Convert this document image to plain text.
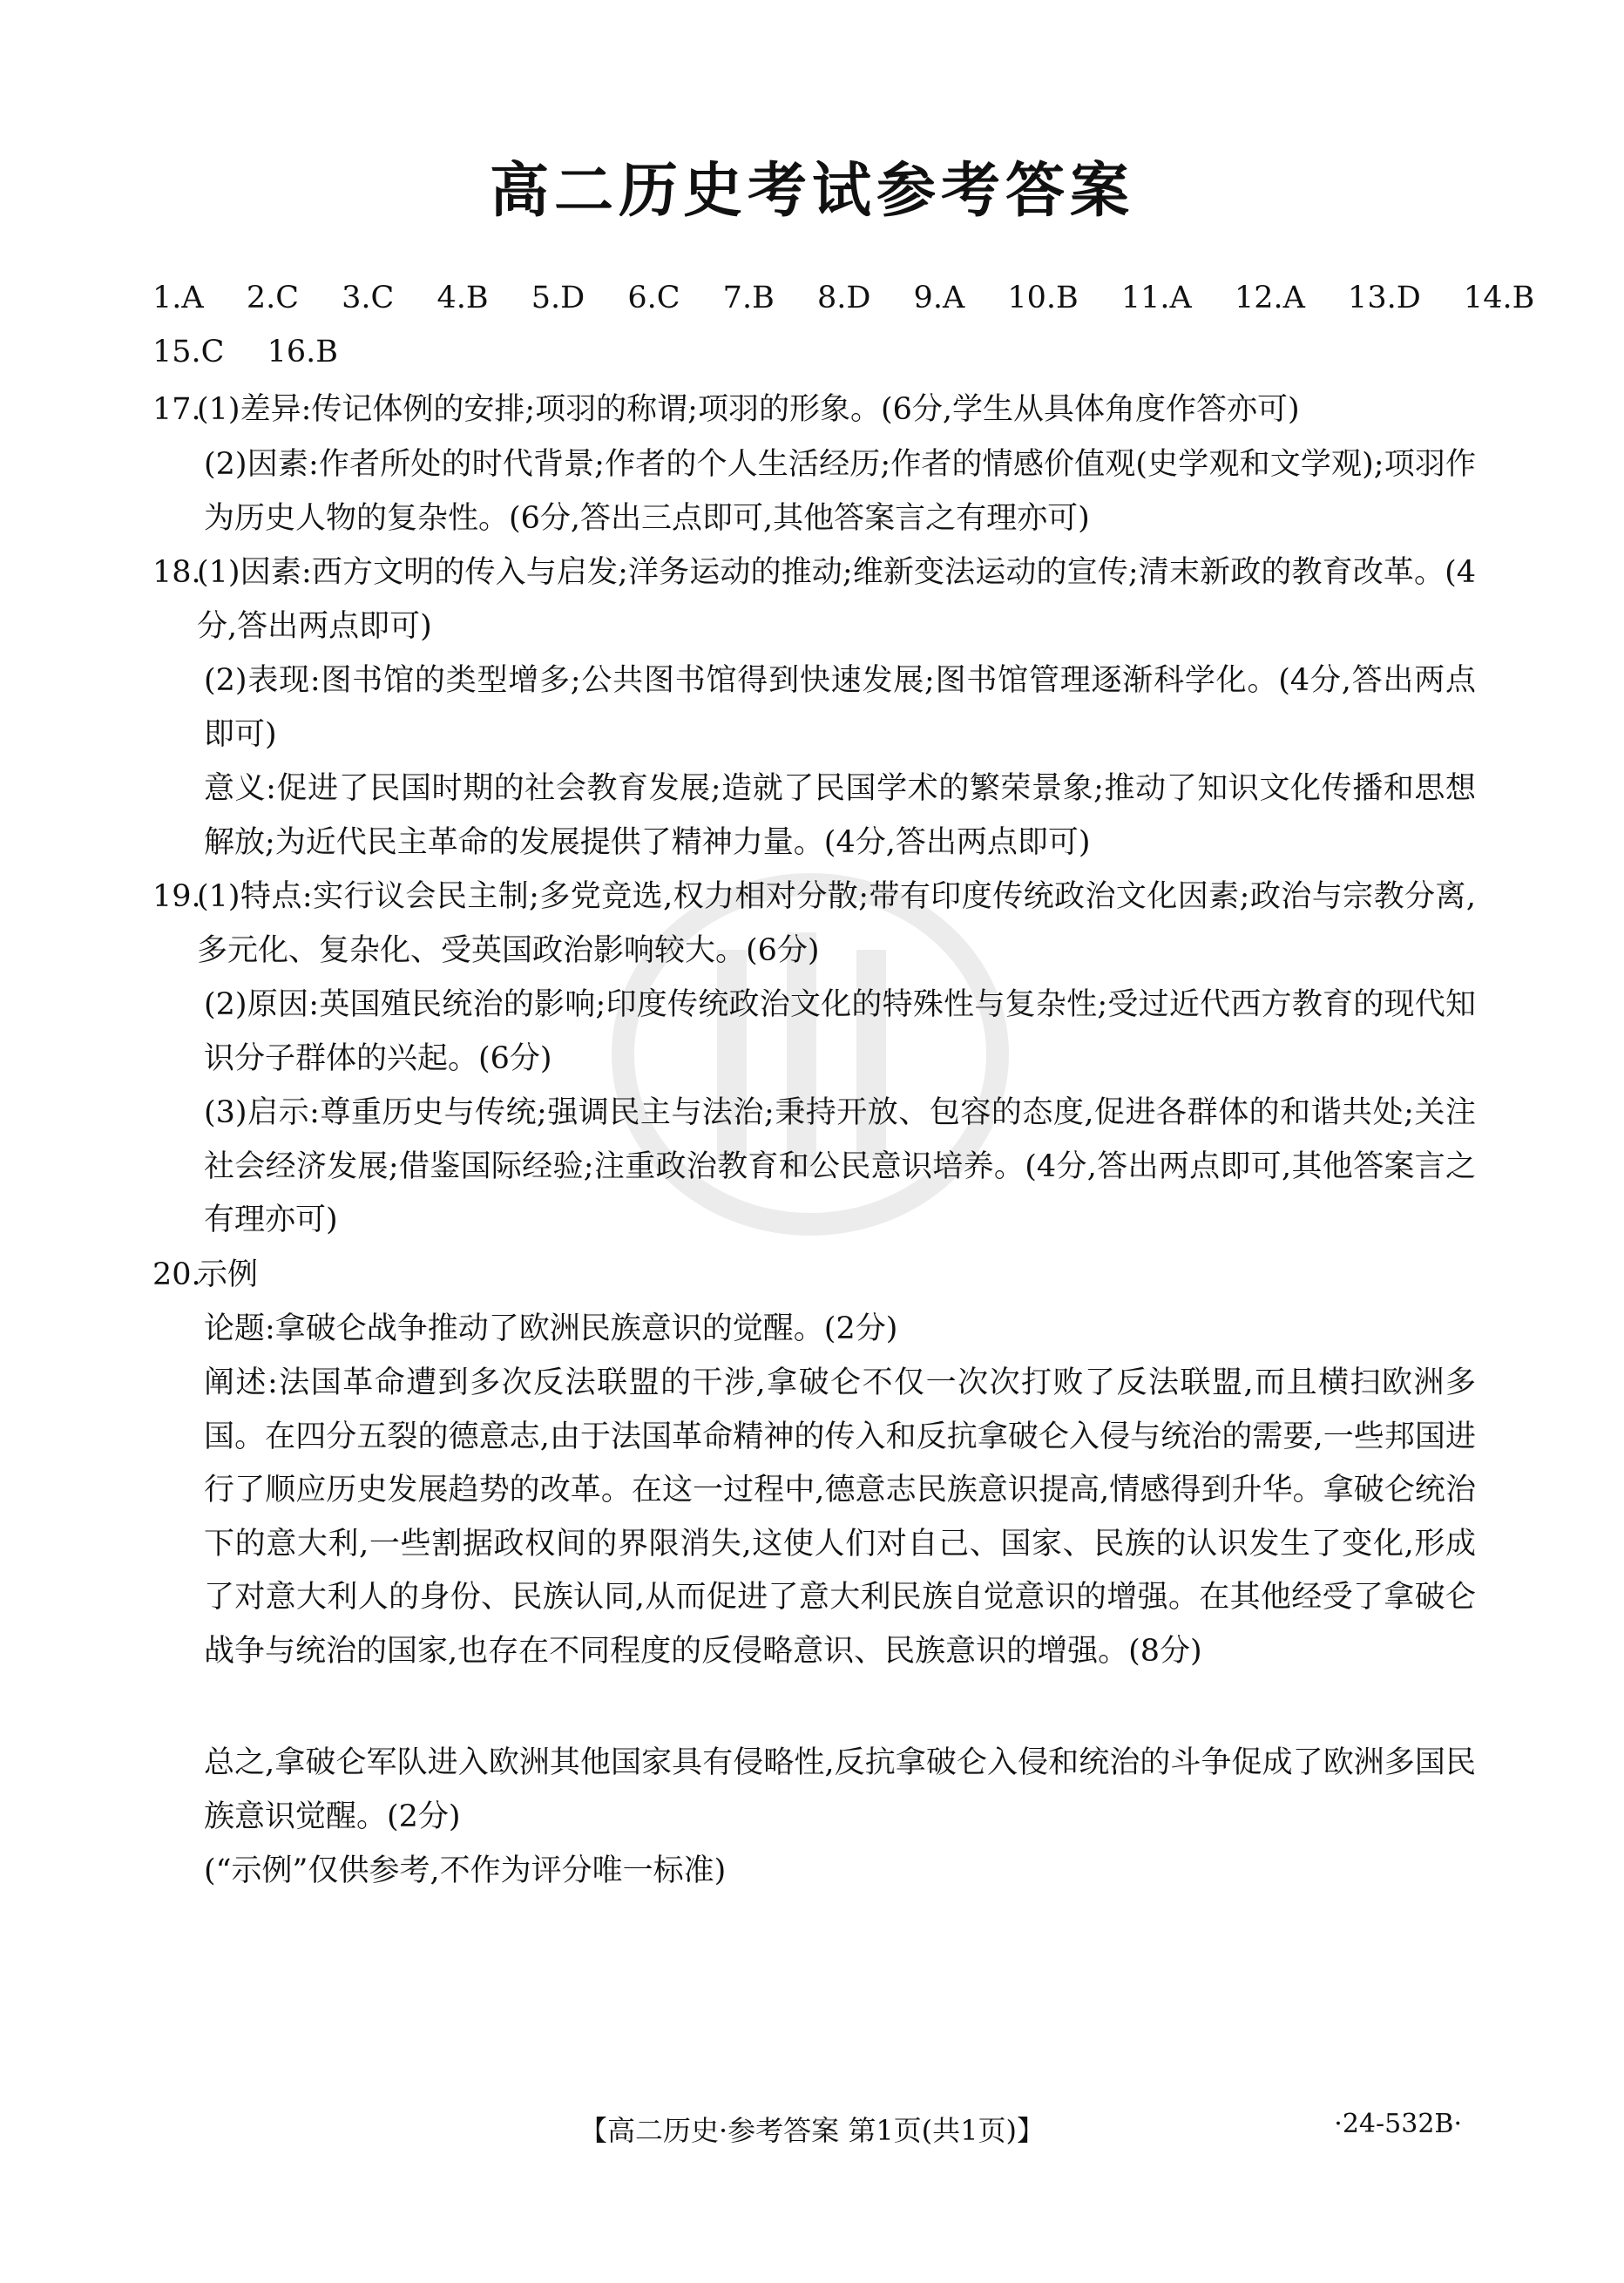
高二历史考试参考答案
1.A 2.C 3.C 4.B 5.D 6.C 7.B 8.D 9.A 10.B 11.A 12.A 13.D 14.B
15.C 16.B
17.
(1)差异:传记体例的安排;项羽的称谓;项羽的形象。(6分,学生从具体角度作答亦可)
(2)因素:作者所处的时代背景;作者的个人生活经历;作者的情感价值观(史学观和文学观);项羽作为历史人物的复杂性。(6分,答出三点即可,其他答案言之有理亦可)
18.
(1)因素:西方文明的传入与启发;洋务运动的推动;维新变法运动的宣传;清末新政的教育改革。(4分,答出两点即可)
(2)表现:图书馆的类型增多;公共图书馆得到快速发展;图书馆管理逐渐科学化。(4分,答出两点即可)
意义:促进了民国时期的社会教育发展;造就了民国学术的繁荣景象;推动了知识文化传播和思想解放;为近代民主革命的发展提供了精神力量。(4分,答出两点即可)
19.
(1)特点:实行议会民主制;多党竞选,权力相对分散;带有印度传统政治文化因素;政治与宗教分离,多元化、复杂化、受英国政治影响较大。(6分)
(2)原因:英国殖民统治的影响;印度传统政治文化的特殊性与复杂性;受过近代西方教育的现代知识分子群体的兴起。(6分)
(3)启示:尊重历史与传统;强调民主与法治;秉持开放、包容的态度,促进各群体的和谐共处;关注社会经济发展;借鉴国际经验;注重政治教育和公民意识培养。(4分,答出两点即可,其他答案言之有理亦可)
20.
示例
论题:拿破仑战争推动了欧洲民族意识的觉醒。(2分)
阐述:法国革命遭到多次反法联盟的干涉,拿破仑不仅一次次打败了反法联盟,而且横扫欧洲多国。在四分五裂的德意志,由于法国革命精神的传入和反抗拿破仑入侵与统治的需要,一些邦国进行了顺应历史发展趋势的改革。在这一过程中,德意志民族意识提高,情感得到升华。拿破仑统治下的意大利,一些割据政权间的界限消失,这使人们对自己、国家、民族的认识发生了变化,形成了对意大利人的身份、民族认同,从而促进了意大利民族自觉意识的增强。在其他经受了拿破仑战争与统治的国家,也存在不同程度的反侵略意识、民族意识的增强。(8分)
总之,拿破仑军队进入欧洲其他国家具有侵略性,反抗拿破仑入侵和统治的斗争促成了欧洲多国民族意识觉醒。(2分)
(“示例”仅供参考,不作为评分唯一标准)
【高二历史·参考答案 第1页(共1页)】	·24-532B·
